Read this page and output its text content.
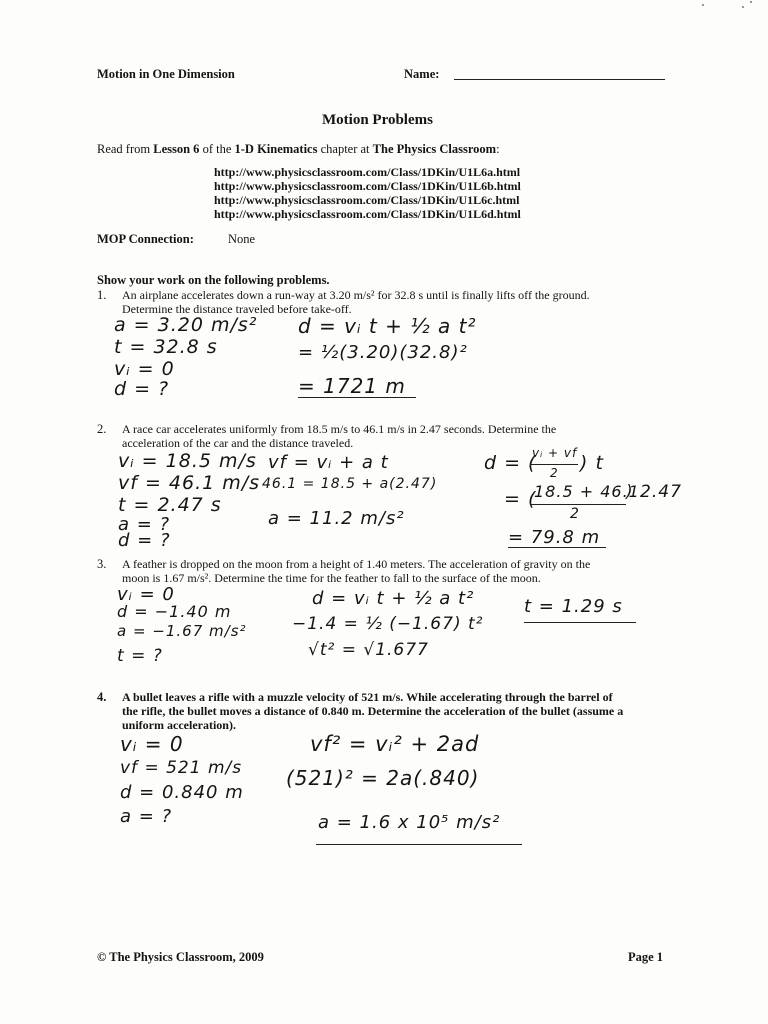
Motion in One Dimension	Name:
Motion Problems
Read from Lesson 6 of the 1-D Kinematics chapter at The Physics Classroom:
http://www.physicsclassroom.com/Class/1DKin/U1L6a.html
http://www.physicsclassroom.com/Class/1DKin/U1L6b.html
http://www.physicsclassroom.com/Class/1DKin/U1L6c.html
http://www.physicsclassroom.com/Class/1DKin/U1L6d.html
MOP Connection:	None
Show your work on the following problems.
1. An airplane accelerates down a run-way at 3.20 m/s² for 32.8 s until is finally lifts off the ground.
Determine the distance traveled before take-off.
a = 3.20 m/s²
t = 32.8 s
vᵢ = 0
d = ?
d = vᵢ t + ½ a t²
= ½(3.20)(32.8)²
= 1721 m
2. A race car accelerates uniformly from 18.5 m/s to 46.1 m/s in 2.47 seconds. Determine the
acceleration of the car and the distance traveled.
vᵢ = 18.5 m/s
vf = 46.1 m/s
t = 2.47 s
a = ?
d = ?
vf = vᵢ + a t
46.1 = 18.5 + a(2.47)
a = 11.2 m/s²
d = (
vᵢ + vf
2 ) t
= (
18.5 + 46.1
2
) 2.47
= 79.8 m
3. A feather is dropped on the moon from a height of 1.40 meters. The acceleration of gravity on the
moon is 1.67 m/s². Determine the time for the feather to fall to the surface of the moon.
vᵢ = 0
d = −1.40 m
a = −1.67 m/s²
t = ?
d = vᵢ t + ½ a t²
−1.4 = ½ (−1.67) t²
√t² = √1.677
t = 1.29 s
4. A bullet leaves a rifle with a muzzle velocity of 521 m/s. While accelerating through the barrel of
the rifle, the bullet moves a distance of 0.840 m. Determine the acceleration of the bullet (assume a
uniform acceleration).
vᵢ = 0
vf = 521 m/s
d = 0.840 m
a = ?
vf² = vᵢ² + 2ad
(521)² = 2a(.840)
a = 1.6 x 10⁵ m/s²
© The Physics Classroom, 2009	Page 1
